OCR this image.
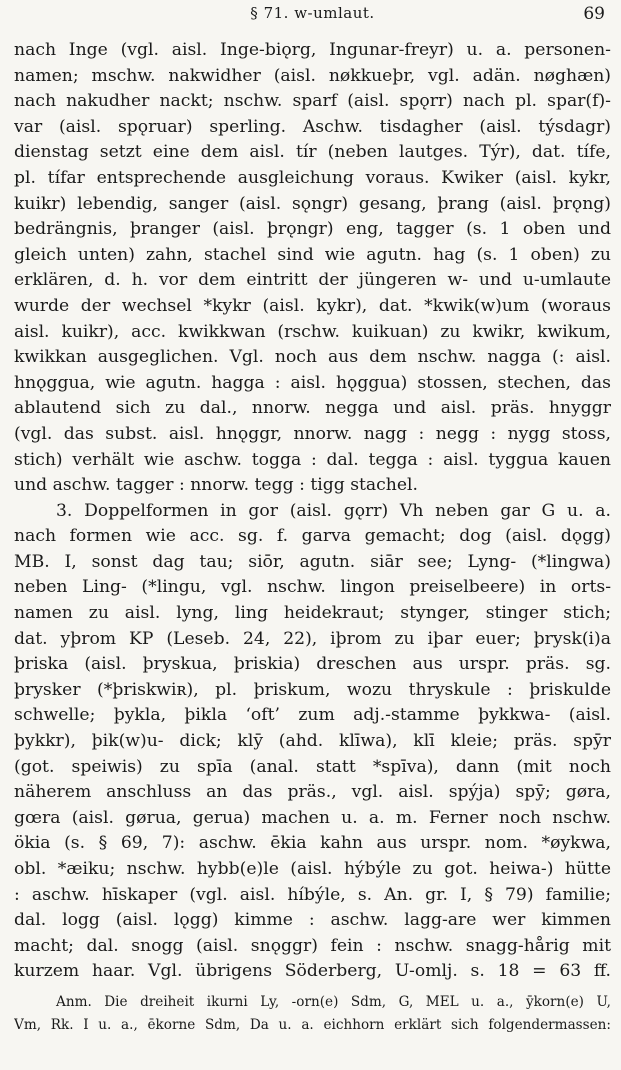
§ 71. w-umlaut.	69
nach Inge (vgl. aisl. Inge-biǫrg, Ingunar-freyr) u. a. personen-
namen; mschw. nakwidher (aisl. nøkkueþr, vgl. adän. nøghæn)
nach nakudher nackt; nschw. sparf (aisl. spǫrr) nach pl. spar(f)-
var (aisl. spǫruar) sperling. Aschw. tisdagher (aisl. týsdagr)
dienstag setzt eine dem aisl. tír (neben lautges. Týr), dat. tífe,
pl. tífar entsprechende ausgleichung voraus. Kwiker (aisl. kykr,
kuikr) lebendig, sanger (aisl. sǫngr) gesang, þrang (aisl. þrǫng)
bedrängnis, þranger (aisl. þrǫngr) eng, tagger (s. 1 oben und
gleich unten) zahn, stachel sind wie agutn. hag (s. 1 oben) zu
erklären, d. h. vor dem eintritt der jüngeren w- und u-umlaute
wurde der wechsel *kykr (aisl. kykr), dat. *kwik(w)um (woraus
aisl. kuikr), acc. kwikkwan (rschw. kuikuan) zu kwikr, kwikum,
kwikkan ausgeglichen. Vgl. noch aus dem nschw. nagga (: aisl.
hnǫggua, wie agutn. hagga : aisl. hǫggua) stossen, stechen, das
ablautend sich zu dal., nnorw. negga und aisl. präs. hnyggr
(vgl. das subst. aisl. hnǫggr, nnorw. nagg : negg : nygg stoss,
stich) verhält wie aschw. togga : dal. tegga : aisl. tyggua kauen
und aschw. tagger : nnorw. tegg : tigg stachel.
3. Doppelformen in gor (aisl. gǫrr) Vh neben gar G u. a.
nach formen wie acc. sg. f. garva gemacht; dog (aisl. dǫgg)
MB. I, sonst dag tau; siōr, agutn. siār see; Lyng- (*lingwa)
neben Ling- (*lingu, vgl. nschw. lingon preiselbeere) in orts-
namen zu aisl. lyng, ling heidekraut; stynger, stinger stich;
dat. yþrom KP (Leseb. 24, 22), iþrom zu iþar euer; þrysk(i)a
þriska (aisl. þryskua, þriskia) dreschen aus urspr. präs. sg.
þrysker (*þriskwiʀ), pl. þriskum, wozu thryskule : þriskulde
schwelle; þykla, þikla ‘oft’ zum adj.-stamme þykkwa- (aisl.
þykkr), þik(w)u- dick; klȳ (ahd. klīwa), klī kleie; präs. spȳr
(got. speiwis) zu spīa (anal. statt *spīva), dann (mit noch
näherem anschluss an das präs., vgl. aisl. spýja) spȳ; gøra,
gœra (aisl. gørua, gerua) machen u. a. m. Ferner noch nschw.
ökia (s. § 69, 7): aschw. ēkia kahn aus urspr. nom. *øykwa,
obl. *æiku; nschw. hybb(e)le (aisl. hýbýle zu got. heiwa-) hütte
: aschw. hīskaper (vgl. aisl. híbýle, s. An. gr. I, § 79) familie;
dal. logg (aisl. lǫgg) kimme : aschw. lagg-are wer kimmen
macht; dal. snogg (aisl. snǫggr) fein : nschw. snagg-hårig mit
kurzem haar. Vgl. übrigens Söderberg, U-omlj. s. 18 = 63 ff.
Anm. Die dreiheit ikurni Ly, -orn(e) Sdm, G, MEL u. a., ȳkorn(e) U,
Vm, Rk. I u. a., ēkorne Sdm, Da u. a. eichhorn erklärt sich folgendermassen:
